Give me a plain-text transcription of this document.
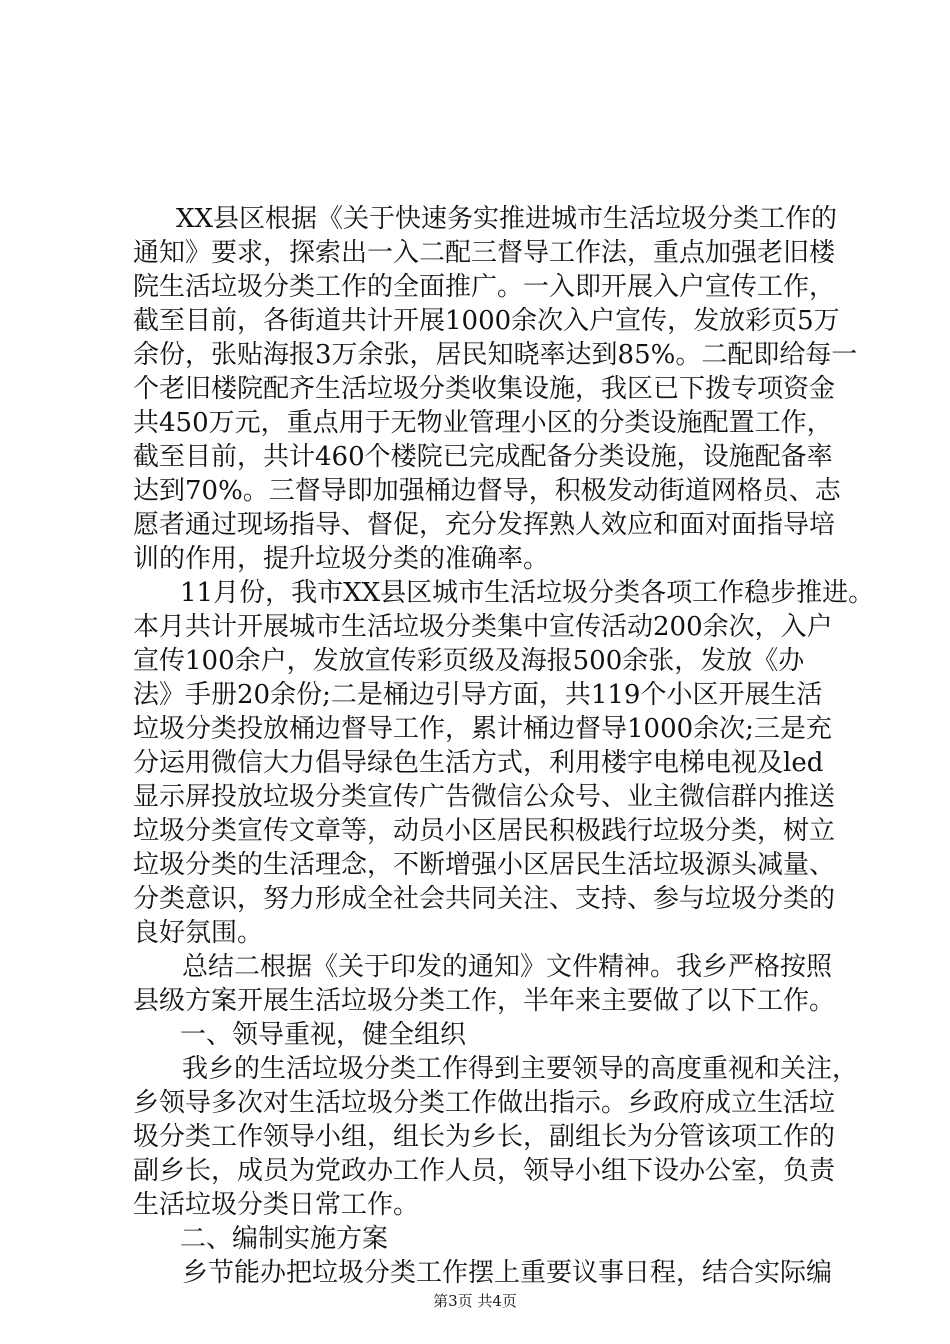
XX县区根据《关于快速务实推进城市生活垃圾分类工作的
通知》要求，探索出一入二配三督导工作法，重点加强老旧楼
院生活垃圾分类工作的全面推广。一入即开展入户宣传工作，
截至目前，各街道共计开展1000余次入户宣传，发放彩页5万
余份，张贴海报3万余张，居民知晓率达到85%。二配即给每一
个老旧楼院配齐生活垃圾分类收集设施，我区已下拨专项资金
共450万元，重点用于无物业管理小区的分类设施配置工作，
截至目前，共计460个楼院已完成配备分类设施，设施配备率
达到70%。三督导即加强桶边督导，积极发动街道网格员、志
愿者通过现场指导、督促，充分发挥熟人效应和面对面指导培
训的作用，提升垃圾分类的准确率。
11月份，我市XX县区城市生活垃圾分类各项工作稳步推进。
本月共计开展城市生活垃圾分类集中宣传活动200余次，入户
宣传100余户，发放宣传彩页级及海报500余张，发放《办
法》手册20余份;二是桶边引导方面，共119个小区开展生活
垃圾分类投放桶边督导工作，累计桶边督导1000余次;三是充
分运用微信大力倡导绿色生活方式，利用楼宇电梯电视及led
显示屏投放垃圾分类宣传广告微信公众号、业主微信群内推送
垃圾分类宣传文章等，动员小区居民积极践行垃圾分类，树立
垃圾分类的生活理念，不断增强小区居民生活垃圾源头减量、
分类意识，努力形成全社会共同关注、支持、参与垃圾分类的
良好氛围。
总结二根据《关于印发的通知》文件精神。我乡严格按照
县级方案开展生活垃圾分类工作，半年来主要做了以下工作。
一、领导重视，健全组织
我乡的生活垃圾分类工作得到主要领导的高度重视和关注，
乡领导多次对生活垃圾分类工作做出指示。乡政府成立生活垃
圾分类工作领导小组，组长为乡长，副组长为分管该项工作的
副乡长，成员为党政办工作人员，领导小组下设办公室，负责
生活垃圾分类日常工作。
二、编制实施方案
乡节能办把垃圾分类工作摆上重要议事日程，结合实际编
第3页 共4页
